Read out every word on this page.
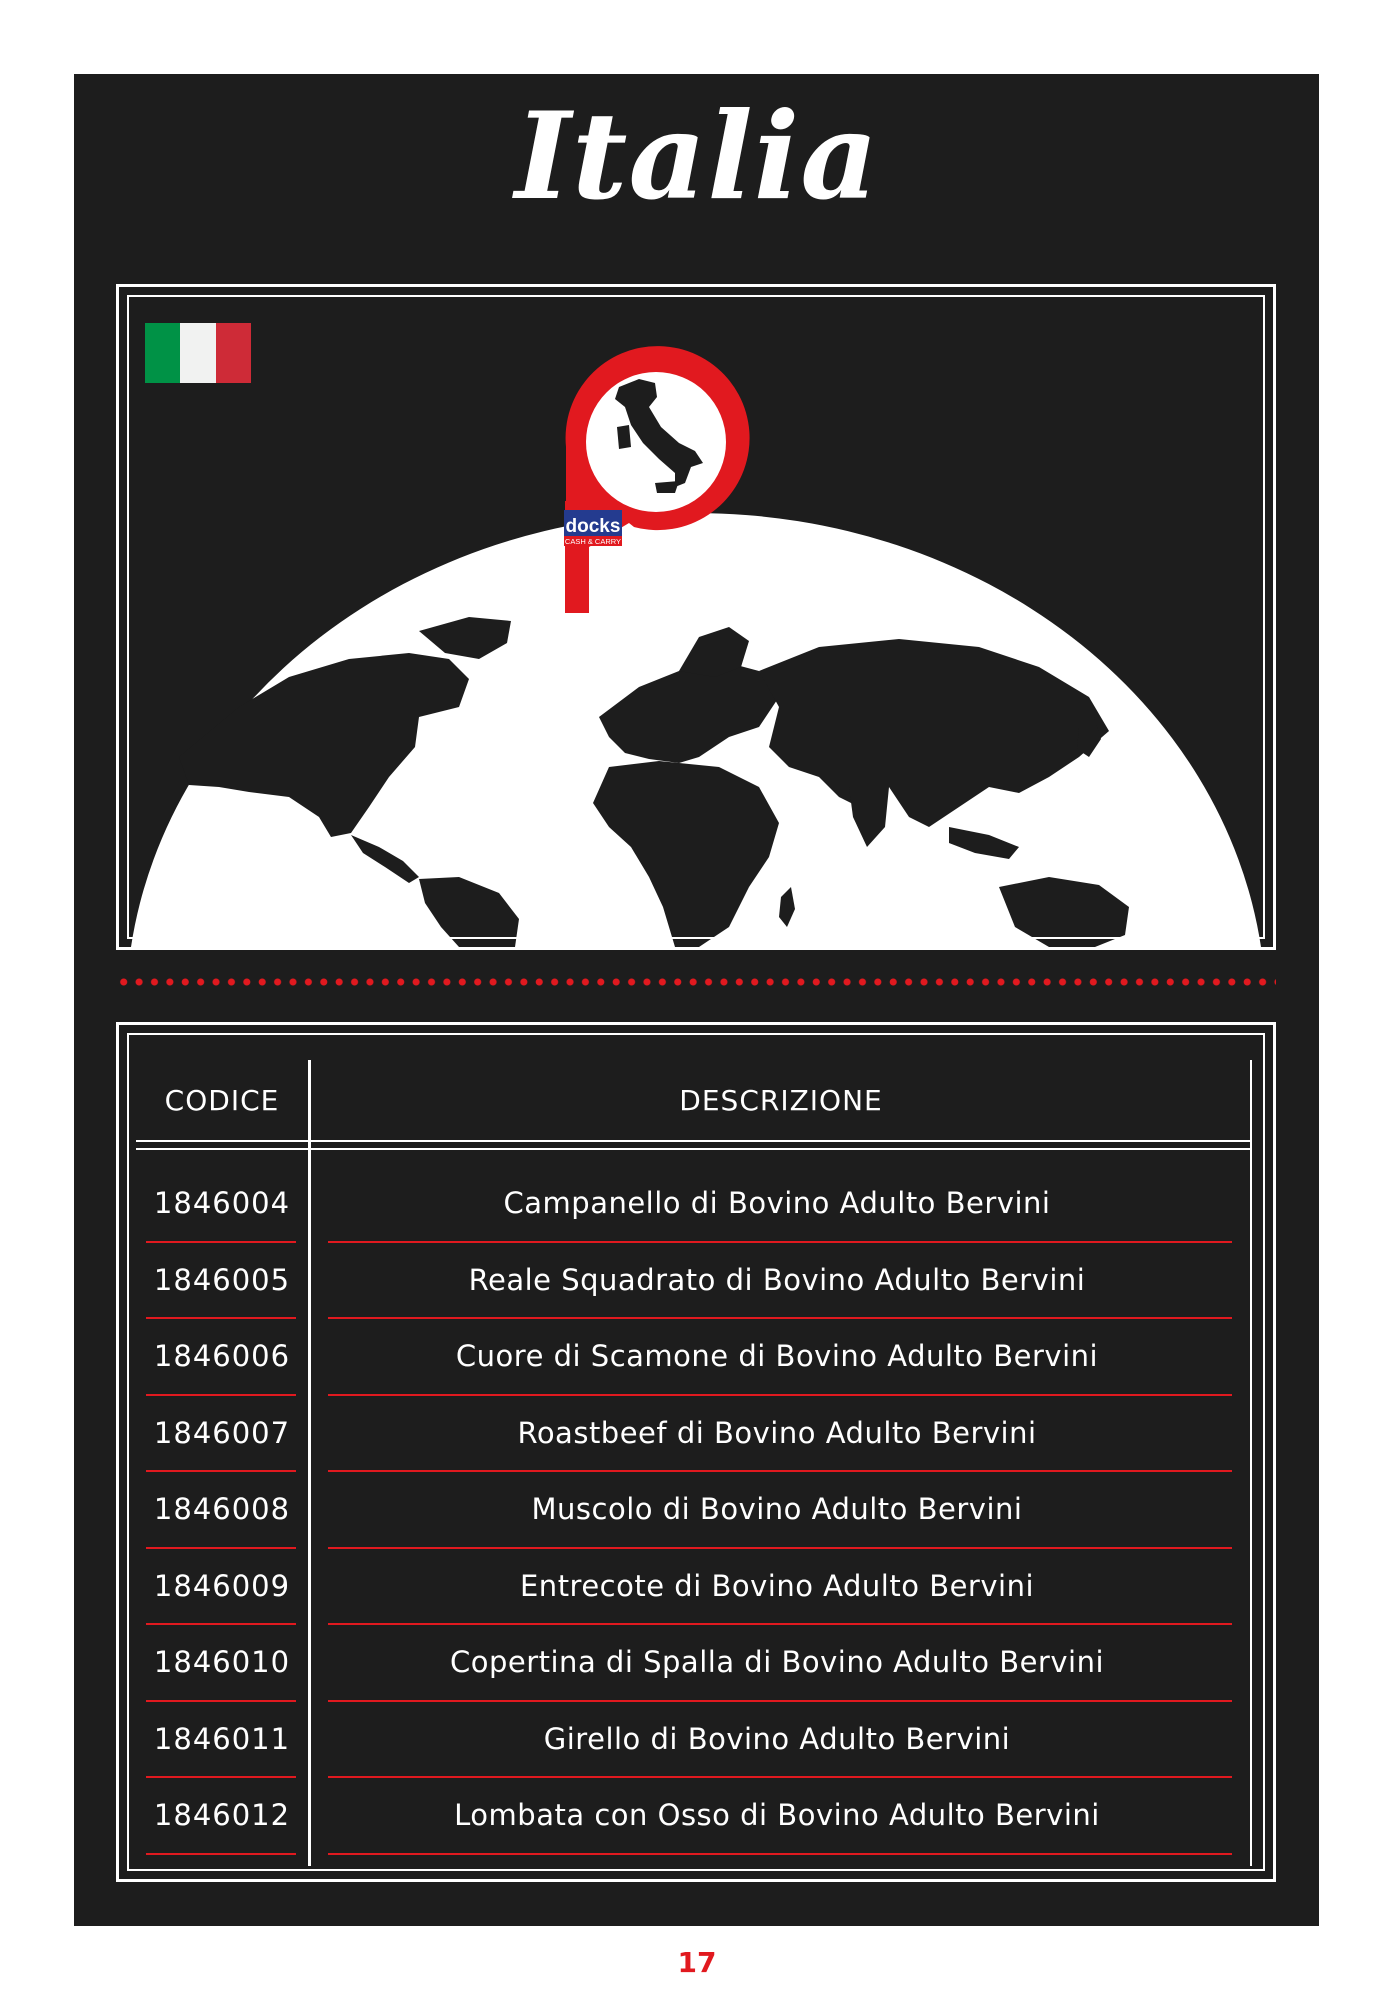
Italia
docks
CASH & CARRY
CODICE	DESCRIZIONE
1846004	Campanello di Bovino Adulto Bervini
1846005	Reale Squadrato di Bovino Adulto Bervini
1846006	Cuore di Scamone di Bovino Adulto Bervini
1846007	Roastbeef di Bovino Adulto Bervini
1846008	Muscolo di Bovino Adulto Bervini
1846009	Entrecote di Bovino Adulto Bervini
1846010	Copertina di Spalla di Bovino Adulto Bervini
1846011	Girello di Bovino Adulto Bervini
1846012	Lombata con Osso di Bovino Adulto Bervini
17
